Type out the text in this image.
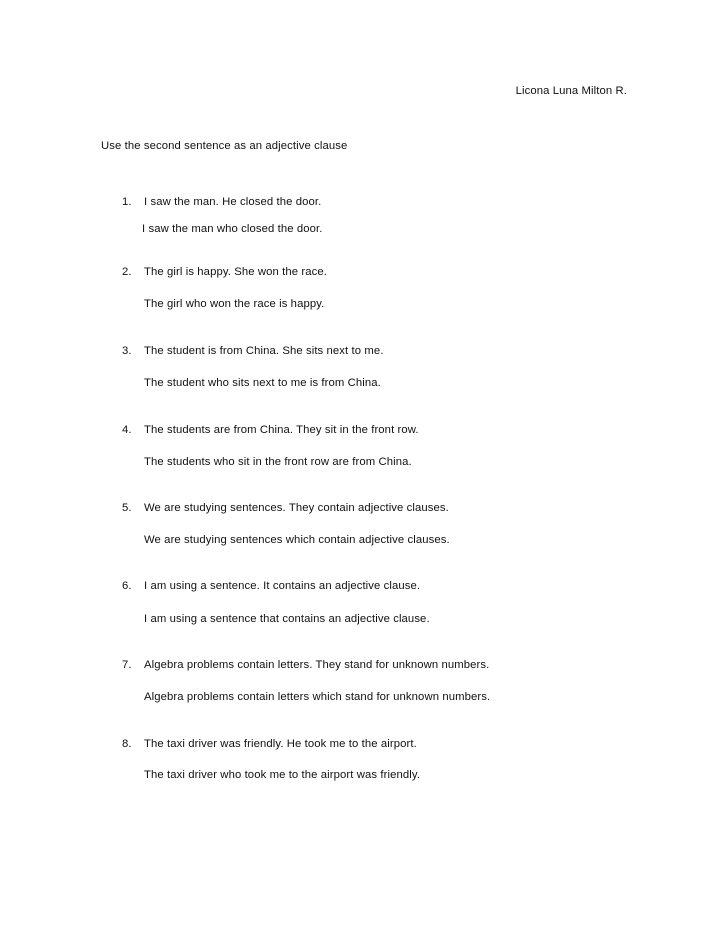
Licona Luna Milton R.
Use the second sentence as an adjective clause
1. I saw the man. He closed the door.
I saw the man who closed the door.
2. The girl is happy. She won the race.
The girl who won the race is happy.
3. The student is from China. She sits next to me.
The student who sits next to me is from China.
4. The students are from China. They sit in the front row.
The students who sit in the front row are from China.
5. We are studying sentences. They contain adjective clauses.
We are studying sentences which contain adjective clauses.
6. I am using a sentence. It contains an adjective clause.
I am using a sentence that contains an adjective clause.
7. Algebra problems contain letters. They stand for unknown numbers.
Algebra problems contain letters which stand for unknown numbers.
8. The taxi driver was friendly. He took me to the airport.
The taxi driver who took me to the airport was friendly.
